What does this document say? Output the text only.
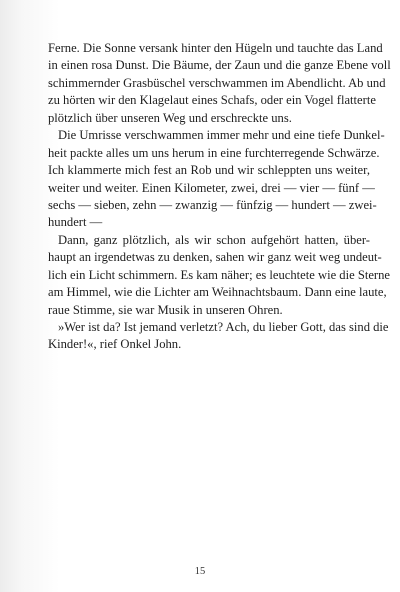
Ferne. Die Sonne versank hinter den Hügeln und tauchte das Land
in einen rosa Dunst. Die Bäume, der Zaun und die ganze Ebene voll
schimmernder Grasbüschel verschwammen im Abendlicht. Ab und
zu hörten wir den Klagelaut eines Schafs, oder ein Vogel flatterte
plötzlich über unseren Weg und erschreckte uns.
Die Umrisse verschwammen immer mehr und eine tiefe Dunkel-
heit packte alles um uns herum in eine furchterregende Schwärze.
Ich klammerte mich fest an Rob und wir schleppten uns weiter,
weiter und weiter. Einen Kilometer, zwei, drei — vier — fünf —
sechs — sieben, zehn — zwanzig — fünfzig — hundert — zwei-
hundert —
Dann, ganz plötzlich, als wir schon aufgehört hatten, über-
haupt an irgendetwas zu denken, sahen wir ganz weit weg undeut-
lich ein Licht schimmern. Es kam näher; es leuchtete wie die Sterne
am Himmel, wie die Lichter am Weihnachtsbaum. Dann eine laute,
raue Stimme, sie war Musik in unseren Ohren.
»Wer ist da? Ist jemand verletzt? Ach, du lieber Gott, das sind die
Kinder!«, rief Onkel John.
15
